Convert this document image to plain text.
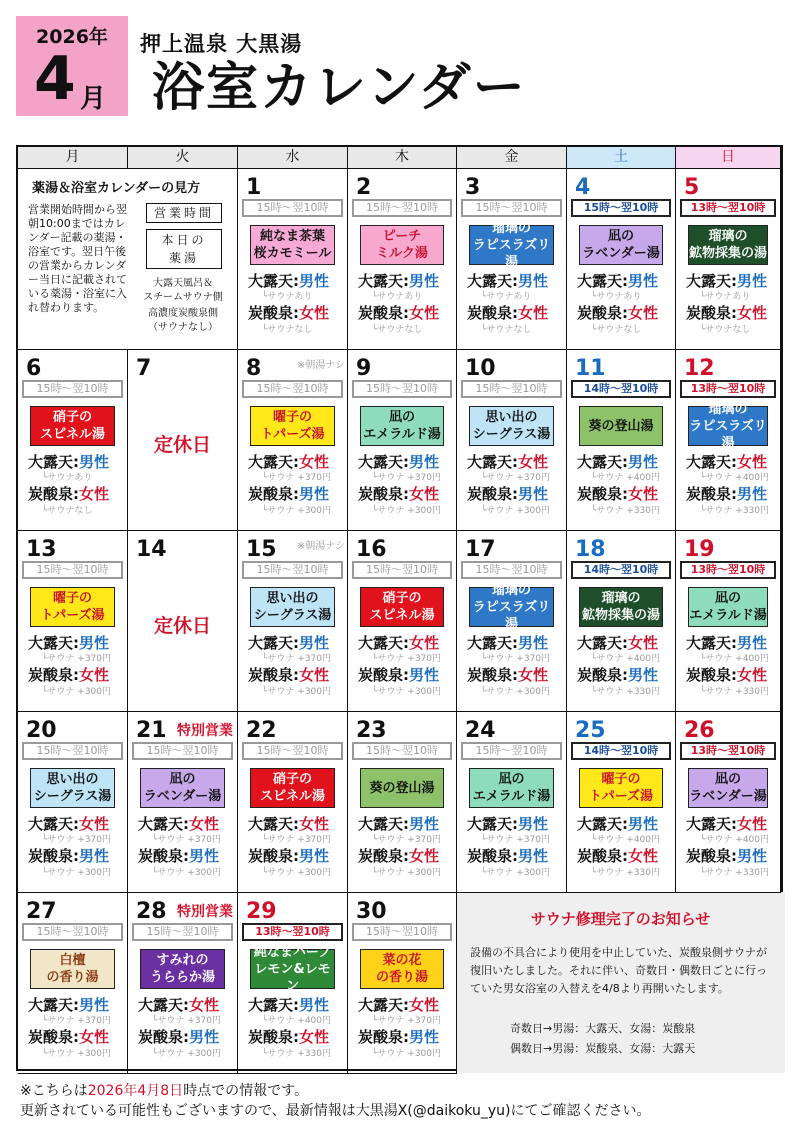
2026年
4 月
押上温泉 大黒湯
浴室カレンダー
薬湯＆浴室カレンダーの見方
営業開始時間から翌朝10:00まではカレンダー記載の薬湯・浴室です。翌日午後の営業からカレンダー当日に記載されている薬湯・浴室に入れ替わります。
営業時間
本日の
薬湯
大露天風呂＆
スチームサウナ側
高濃度炭酸泉側
（サウナなし）
サウナ修理完了のお知らせ
設備の不具合により使用を中止していた、炭酸泉側サウナが復旧いたしました。それに伴い、奇数日・偶数日ごとに行っていた男女浴室の入替えを4/8より再開いたします。
奇数日→男湯：大露天、女湯：炭酸泉
偶数日→男湯：炭酸泉、女湯：大露天
月	火	水	木	金	土	日
1
15時～翌10時
純なま茶葉
桜カモミール
大露天:男性
└サウナあり
炭酸泉:女性
└サウナなし
2
15時～翌10時
ピーチ
ミルク湯
大露天:男性
└サウナあり
炭酸泉:女性
└サウナなし
3
15時～翌10時
瑠璃の
ラピスラズリ湯
大露天:男性
└サウナあり
炭酸泉:女性
└サウナなし
4
15時～翌10時
凪の
ラベンダー湯
大露天:男性
└サウナあり
炭酸泉:女性
└サウナなし
5
13時～翌10時
瑠璃の
鉱物採集の湯
大露天:男性
└サウナあり
炭酸泉:女性
└サウナなし
6
15時～翌10時
硝子の
スピネル湯
大露天:男性
└サウナあり
炭酸泉:女性
└サウナなし
7
定休日
8	※朝湯ナシ
15時～翌10時
曜子の
トパーズ湯
大露天:女性
└サウナ +370円
炭酸泉:男性
└サウナ +300円
9
15時～翌10時
凪の
エメラルド湯
大露天:男性
└サウナ +370円
炭酸泉:女性
└サウナ +300円
10
15時～翌10時
思い出の
シーグラス湯
大露天:女性
└サウナ +370円
炭酸泉:男性
└サウナ +300円
11
14時～翌10時
葵の登山湯
大露天:男性
└サウナ +400円
炭酸泉:女性
└サウナ +330円
12
13時～翌10時
瑠璃の
ラピスラズリ湯
大露天:女性
└サウナ +400円
炭酸泉:男性
└サウナ +330円
13
15時～翌10時
曜子の
トパーズ湯
大露天:男性
└サウナ +370円
炭酸泉:女性
└サウナ +300円
14
定休日
15 ※朝湯ナシ
15時～翌10時
思い出の
シーグラス湯
大露天:男性
└サウナ +370円
炭酸泉:女性
└サウナ +300円
16
15時～翌10時
硝子の
スピネル湯
大露天:女性
└サウナ +370円
炭酸泉:男性
└サウナ +300円
17
15時～翌10時
瑠璃の
ラピスラズリ湯
大露天:男性
└サウナ +370円
炭酸泉:女性
└サウナ +300円
18
14時～翌10時
瑠璃の
鉱物採集の湯
大露天:女性
└サウナ +400円
炭酸泉:男性
└サウナ +330円
19
13時～翌10時
凪の
エメラルド湯
大露天:男性
└サウナ +400円
炭酸泉:女性
└サウナ +330円
20
15時～翌10時
思い出の
シーグラス湯
大露天:女性
└サウナ +370円
炭酸泉:男性
└サウナ +300円
21 特別営業
15時～翌10時
凪の
ラベンダー湯
大露天:女性
└サウナ +370円
炭酸泉:男性
└サウナ +300円
22
15時～翌10時
硝子の
スピネル湯
大露天:女性
└サウナ +370円
炭酸泉:男性
└サウナ +300円
23
15時～翌10時
葵の登山湯
大露天:男性
└サウナ +370円
炭酸泉:女性
└サウナ +300円
24
15時～翌10時
凪の
エメラルド湯
大露天:男性
└サウナ +370円
炭酸泉:男性
└サウナ +300円
25
14時～翌10時
曜子の
トパーズ湯
大露天:男性
└サウナ +400円
炭酸泉:女性
└サウナ +330円
26
13時～翌10時
凪の
ラベンダー湯
大露天:女性
└サウナ +400円
炭酸泉:男性
└サウナ +330円
27
15時～翌10時
白檀
の香り湯
大露天:男性
└サウナ +370円
炭酸泉:女性
└サウナ +300円
28 特別営業
15時～翌10時
すみれの
うららか湯
大露天:女性
└サウナ +370円
炭酸泉:男性
└サウナ +300円
29
13時～翌10時
純なまハーブ
レモン&レモン
大露天:男性
└サウナ +400円
炭酸泉:女性
└サウナ +330円
30
15時～翌10時
菜の花
の香り湯
大露天:女性
└サウナ +370円
炭酸泉:男性
└サウナ +300円
※こちらは2026年4月8日時点での情報です。
更新されている可能性もございますので、最新情報は大黒湯X(@daikoku_yu)にてご確認ください。
